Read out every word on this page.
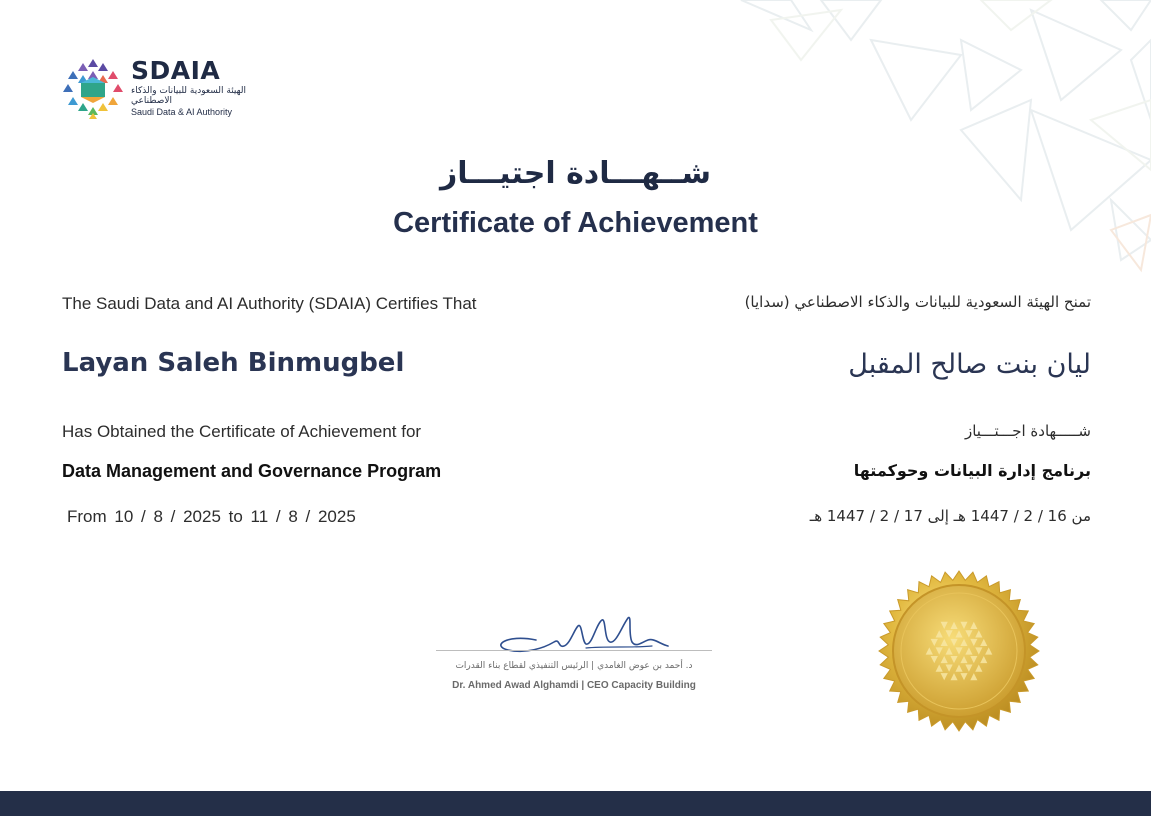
SDAIA
الهيئة السعودية للبيانات والذكاء الاصطناعي
Saudi Data & AI Authority
شــهـــادة اجتيـــاز
Certificate of Achievement
The Saudi Data and AI Authority (SDAIA) Certifies That	تمنح الهيئة السعودية للبيانات والذكاء الاصطناعي (سدايا)
Layan Saleh Binmugbel	ليان بنت صالح المقبل
Has Obtained the Certificate of Achievement for	شـــــهادة اجـــتـــياز
Data Management and Governance Program	برنامج إدارة البيانات وحوكمتها
From 10 / 8 / 2025 to 11 / 8 / 2025	من 16 / 2 / 1447 هـ إلى 17 / 2 / 1447 هـ
د. أحمد بن عوض الغامدي | الرئيس التنفيذي لقطاع بناء القدرات
Dr. Ahmed Awad Alghamdi | CEO Capacity Building
